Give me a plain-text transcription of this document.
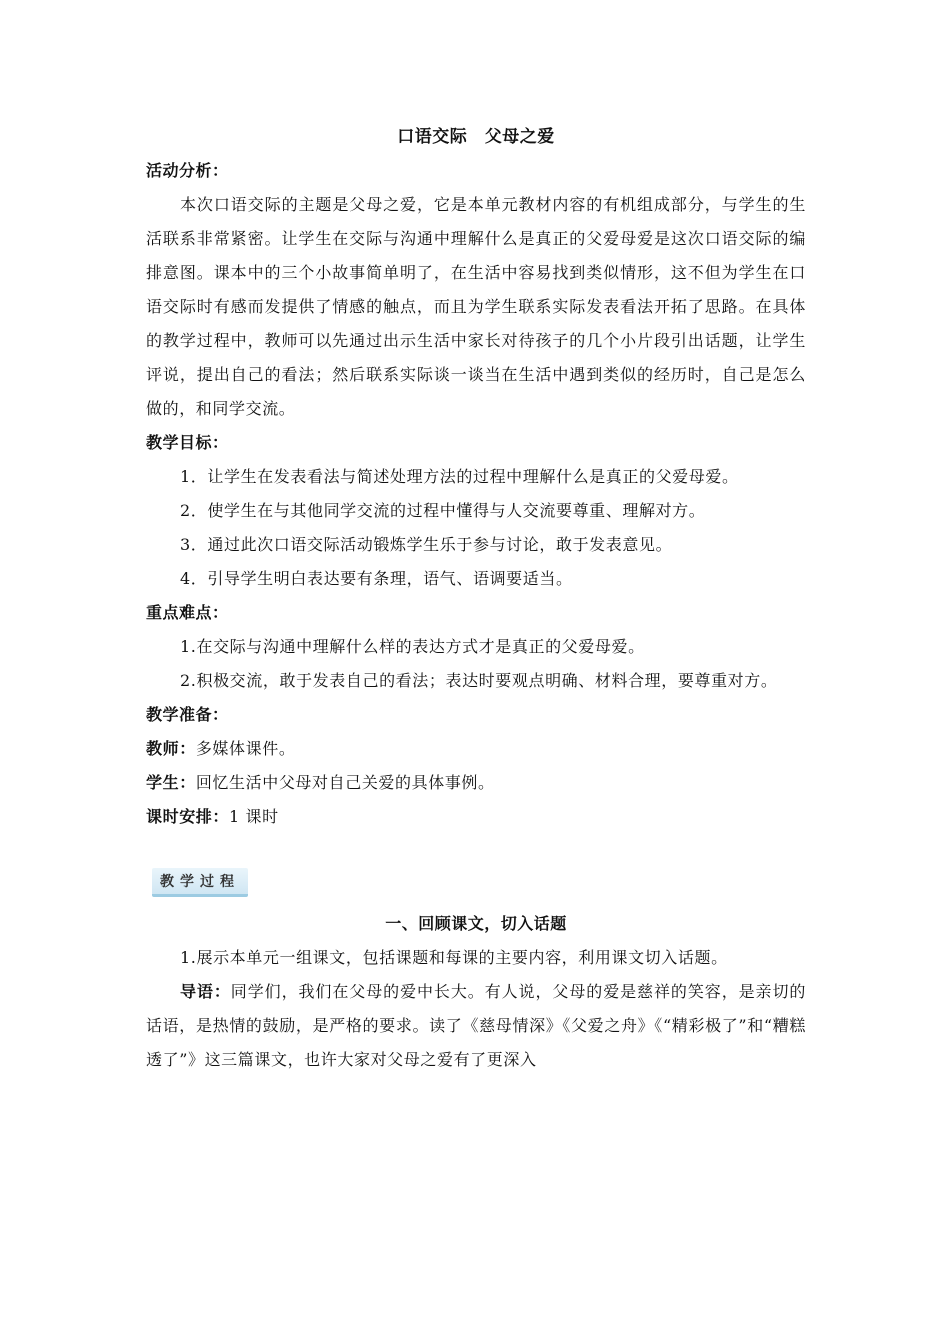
口语交际　父母之爱

活动分析：

本次口语交际的主题是父母之爱，它是本单元教材内容的有机组成部分，与学生的生活联系非常紧密。让学生在交际与沟通中理解什么是真正的父爱母爱是这次口语交际的编排意图。课本中的三个小故事简单明了，在生活中容易找到类似情形，这不但为学生在口语交际时有感而发提供了情感的触点，而且为学生联系实际发表看法开拓了思路。在具体的教学过程中，教师可以先通过出示生活中家长对待孩子的几个小片段引出话题，让学生评说，提出自己的看法；然后联系实际谈一谈当在生活中遇到类似的经历时，自己是怎么做的，和同学交流。

教学目标：

1．让学生在发表看法与简述处理方法的过程中理解什么是真正的父爱母爱。

2．使学生在与其他同学交流的过程中懂得与人交流要尊重、理解对方。

3．通过此次口语交际活动锻炼学生乐于参与讨论，敢于发表意见。

4．引导学生明白表达要有条理，语气、语调要适当。

重点难点：

1.在交际与沟通中理解什么样的表达方式才是真正的父爱母爱。

2.积极交流，敢于发表自己的看法；表达时要观点明确、材料合理，要尊重对方。

教学准备：

教师：多媒体课件。

学生：回忆生活中父母对自己关爱的具体事例。

课时安排：1 课时

教学过程

一、回顾课文，切入话题

1.展示本单元一组课文，包括课题和每课的主要内容，利用课文切入话题。

导语：同学们，我们在父母的爱中长大。有人说，父母的爱是慈祥的笑容，是亲切的话语，是热情的鼓励，是严格的要求。读了《慈母情深》《父爱之舟》《“精彩极了”和“糟糕透了”》这三篇课文，也许大家对父母之爱有了更深入
